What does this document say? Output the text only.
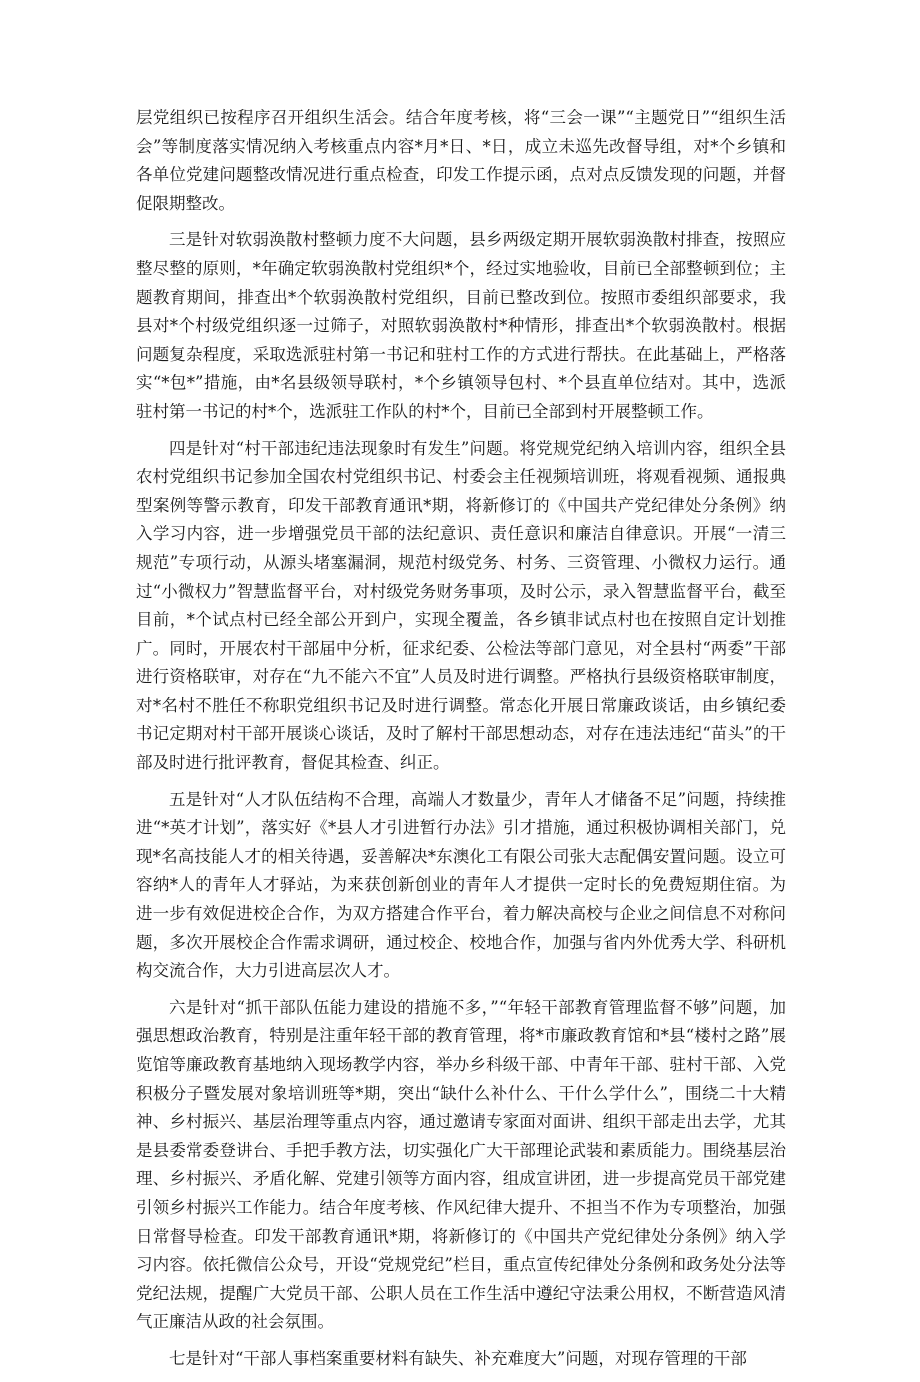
层党组织已按程序召开组织生活会。结合年度考核，将“三会一课”“主题党日”“组织生活会”等制度落实情况纳入考核重点内容*月*日、*日，成立未巡先改督导组，对*个乡镇和各单位党建问题整改情况进行重点检查，印发工作提示函，点对点反馈发现的问题，并督促限期整改。

三是针对软弱涣散村整顿力度不大问题，县乡两级定期开展软弱涣散村排查，按照应整尽整的原则，*年确定软弱涣散村党组织*个，经过实地验收，目前已全部整顿到位；主题教育期间，排查出*个软弱涣散村党组织，目前已整改到位。按照市委组织部要求，我县对*个村级党组织逐一过筛子，对照软弱涣散村*种情形，排查出*个软弱涣散村。根据问题复杂程度，采取选派驻村第一书记和驻村工作的方式进行帮扶。在此基础上，严格落实“*包*”措施，由*名县级领导联村，*个乡镇领导包村、*个县直单位结对。其中，选派驻村第一书记的村*个，选派驻工作队的村*个，目前已全部到村开展整顿工作。

四是针对“村干部违纪违法现象时有发生”问题。将党规党纪纳入培训内容，组织全县农村党组织书记参加全国农村党组织书记、村委会主任视频培训班，将观看视频、通报典型案例等警示教育，印发干部教育通讯*期，将新修订的《中国共产党纪律处分条例》纳入学习内容，进一步增强党员干部的法纪意识、责任意识和廉洁自律意识。开展“一清三规范”专项行动，从源头堵塞漏洞，规范村级党务、村务、三资管理、小微权力运行。通过“小微权力”智慧监督平台，对村级党务财务事项，及时公示，录入智慧监督平台，截至目前，*个试点村已经全部公开到户，实现全覆盖，各乡镇非试点村也在按照自定计划推广。同时，开展农村干部届中分析，征求纪委、公检法等部门意见，对全县村“两委”干部进行资格联审，对存在“九不能六不宜”人员及时进行调整。严格执行县级资格联审制度，对*名村不胜任不称职党组织书记及时进行调整。常态化开展日常廉政谈话，由乡镇纪委书记定期对村干部开展谈心谈话，及时了解村干部思想动态，对存在违法违纪“苗头”的干部及时进行批评教育，督促其检查、纠正。

五是针对“人才队伍结构不合理，高端人才数量少，青年人才储备不足”问题，持续推进“*英才计划”，落实好《*县人才引进暂行办法》引才措施，通过积极协调相关部门，兑现*名高技能人才的相关待遇，妥善解决*东澳化工有限公司张大志配偶安置问题。设立可容纳*人的青年人才驿站，为来获创新创业的青年人才提供一定时长的免费短期住宿。为进一步有效促进校企合作，为双方搭建合作平台，着力解决高校与企业之间信息不对称问题，多次开展校企合作需求调研，通过校企、校地合作，加强与省内外优秀大学、科研机构交流合作，大力引进高层次人才。

六是针对“抓干部队伍能力建设的措施不多，”“年轻干部教育管理监督不够”问题，加强思想政治教育，特别是注重年轻干部的教育管理，将*市廉政教育馆和*县“楼村之路”展览馆等廉政教育基地纳入现场教学内容，举办乡科级干部、中青年干部、驻村干部、入党积极分子暨发展对象培训班等*期，突出“缺什么补什么、干什么学什么”，围绕二十大精神、乡村振兴、基层治理等重点内容，通过邀请专家面对面讲、组织干部走出去学，尤其是县委常委登讲台、手把手教方法，切实强化广大干部理论武装和素质能力。围绕基层治理、乡村振兴、矛盾化解、党建引领等方面内容，组成宣讲团，进一步提高党员干部党建引领乡村振兴工作能力。结合年度考核、作风纪律大提升、不担当不作为专项整治，加强日常督导检查。印发干部教育通讯*期，将新修订的《中国共产党纪律处分条例》纳入学习内容。依托微信公众号，开设“党规党纪”栏目，重点宣传纪律处分条例和政务处分法等党纪法规，提醒广大党员干部、公职人员在工作生活中遵纪守法秉公用权，不断营造风清气正廉洁从政的社会氛围。

七是针对“干部人事档案重要材料有缺失、补充难度大”问题，对现存管理的干部
